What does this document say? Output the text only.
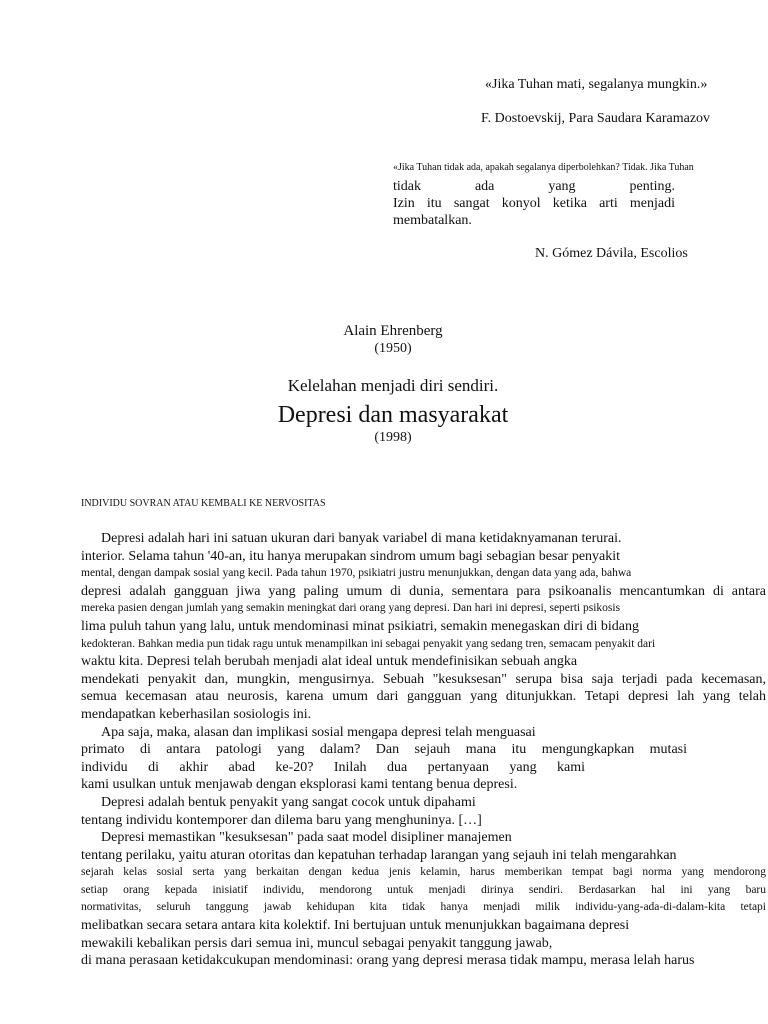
«Jika Tuhan mati, segalanya mungkin.»
F. Dostoevskij, Para Saudara Karamazov
«Jika Tuhan tidak ada, apakah segalanya diperbolehkan? Tidak. Jika Tuhan
tidak ada yang penting.
Izin itu sangat konyol ketika arti menjadi
membatalkan.
N. Gómez Dávila, Escolios
Alain Ehrenberg
(1950)
Kelelahan menjadi diri sendiri.
Depresi dan masyarakat
(1998)
INDIVIDU SOVRAN ATAU KEMBALI KE NERVOSITAS
Depresi adalah hari ini satuan ukuran dari banyak variabel di mana ketidaknyamanan terurai.
interior. Selama tahun '40-an, itu hanya merupakan sindrom umum bagi sebagian besar penyakit
mental, dengan dampak sosial yang kecil. Pada tahun 1970, psikiatri justru menunjukkan, dengan data yang ada, bahwa
depresi adalah gangguan jiwa yang paling umum di dunia, sementara para psikoanalis mencantumkan di antara
mereka pasien dengan jumlah yang semakin meningkat dari orang yang depresi. Dan hari ini depresi, seperti psikosis
lima puluh tahun yang lalu, untuk mendominasi minat psikiatri, semakin menegaskan diri di bidang
kedokteran. Bahkan media pun tidak ragu untuk menampilkan ini sebagai penyakit yang sedang tren, semacam penyakit dari
waktu kita. Depresi telah berubah menjadi alat ideal untuk mendefinisikan sebuah angka
mendekati penyakit dan, mungkin, mengusirnya. Sebuah "kesuksesan" serupa bisa saja terjadi pada kecemasan,
semua kecemasan atau neurosis, karena umum dari gangguan yang ditunjukkan. Tetapi depresi lah yang telah
mendapatkan keberhasilan sosiologis ini.
Apa saja, maka, alasan dan implikasi sosial mengapa depresi telah menguasai
primato di antara patologi yang dalam? Dan sejauh mana itu mengungkapkan mutasi
individu di akhir abad ke-20? Inilah dua pertanyaan yang kami
kami usulkan untuk menjawab dengan eksplorasi kami tentang benua depresi.
Depresi adalah bentuk penyakit yang sangat cocok untuk dipahami
tentang individu kontemporer dan dilema baru yang menghuninya. […]
Depresi memastikan "kesuksesan" pada saat model disipliner manajemen
tentang perilaku, yaitu aturan otoritas dan kepatuhan terhadap larangan yang sejauh ini telah mengarahkan
sejarah kelas sosial serta yang berkaitan dengan kedua jenis kelamin, harus memberikan tempat bagi norma yang mendorong
setiap orang kepada inisiatif individu, mendorong untuk menjadi dirinya sendiri. Berdasarkan hal ini yang baru
normativitas, seluruh tanggung jawab kehidupan kita tidak hanya menjadi milik individu-yang-ada-di-dalam-kita tetapi
melibatkan secara setara antara kita kolektif. Ini bertujuan untuk menunjukkan bagaimana depresi
mewakili kebalikan persis dari semua ini, muncul sebagai penyakit tanggung jawab,
di mana perasaan ketidakcukupan mendominasi: orang yang depresi merasa tidak mampu, merasa lelah harus
